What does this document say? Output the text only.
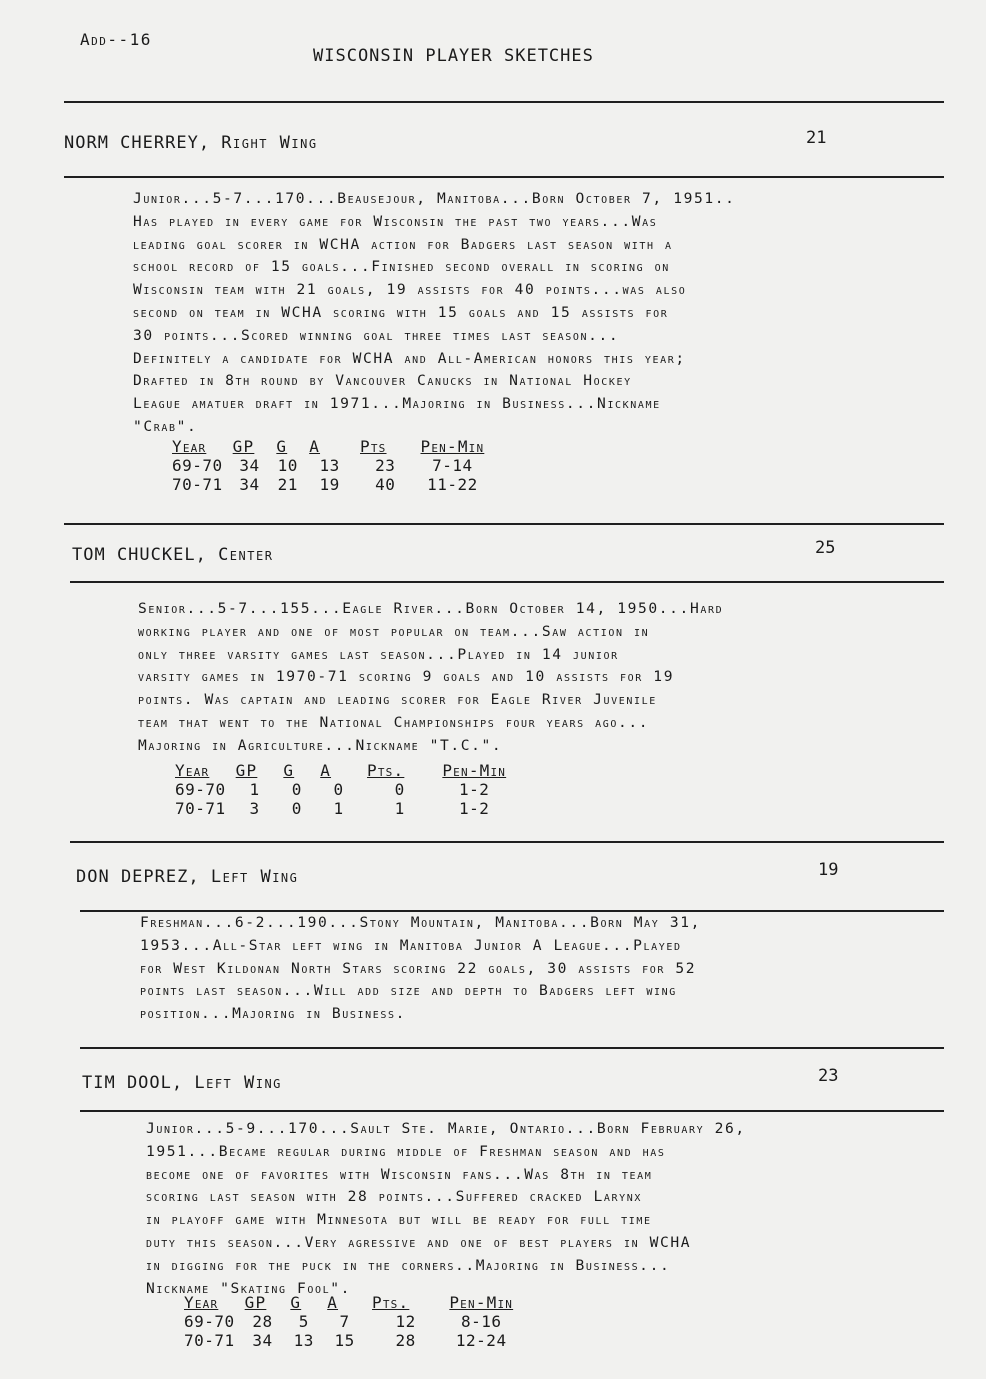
Add--16
WISCONSIN PLAYER SKETCHES
NORM CHERREY, Right Wing	21
Junior...5-7...170...Beausejour, Manitoba...Born October 7, 1951..
Has played in every game for Wisconsin the past two years...Was
leading goal scorer in WCHA action for Badgers last season with a
school record of 15 goals...Finished second overall in scoring on
Wisconsin team with 21 goals, 19 assists for 40 points...was also
second on team in WCHA scoring with 15 goals and 15 assists for
30 points...Scored winning goal three times last season...
Definitely a candidate for WCHA and All-American honors this year;
Drafted in 8th round by Vancouver Canucks in National Hockey
League amatuer draft in 1971...Majoring in Business...Nickname
"Crab".
Year	GP	G	A	Pts	Pen-Min
69-70	34	10	13	23	7-14
70-71	34	21	19	40	11-22
TOM CHUCKEL, Center	25
Senior...5-7...155...Eagle River...Born October 14, 1950...Hard
working player and one of most popular on team...Saw action in
only three varsity games last season...Played in 14 junior
varsity games in 1970-71 scoring 9 goals and 10 assists for 19
points. Was captain and leading scorer for Eagle River Juvenile
team that went to the National Championships four years ago...
Majoring in Agriculture...Nickname "T.C.".
Year	GP	G	A	Pts.	Pen-Min
69-70	1	0	0	0	1-2
70-71	3	0	1	1	1-2
DON DEPREZ, Left Wing	19
Freshman...6-2...190...Stony Mountain, Manitoba...Born May 31,
1953...All-Star left wing in Manitoba Junior A League...Played
for West Kildonan North Stars scoring 22 goals, 30 assists for 52
points last season...Will add size and depth to Badgers left wing
position...Majoring in Business.
TIM DOOL, Left Wing	23
Junior...5-9...170...Sault Ste. Marie, Ontario...Born February 26,
1951...Became regular during middle of Freshman season and has
become one of favorites with Wisconsin fans...Was 8th in team
scoring last season with 28 points...Suffered cracked Larynx
in playoff game with Minnesota but will be ready for full time
duty this season...Very agressive and one of best players in WCHA
in digging for the puck in the corners..Majoring in Business...
Nickname "Skating Fool".
Year	GP	G	A	Pts.	Pen-Min
69-70	28	5	7	12	8-16
70-71	34	13	15	28	12-24
